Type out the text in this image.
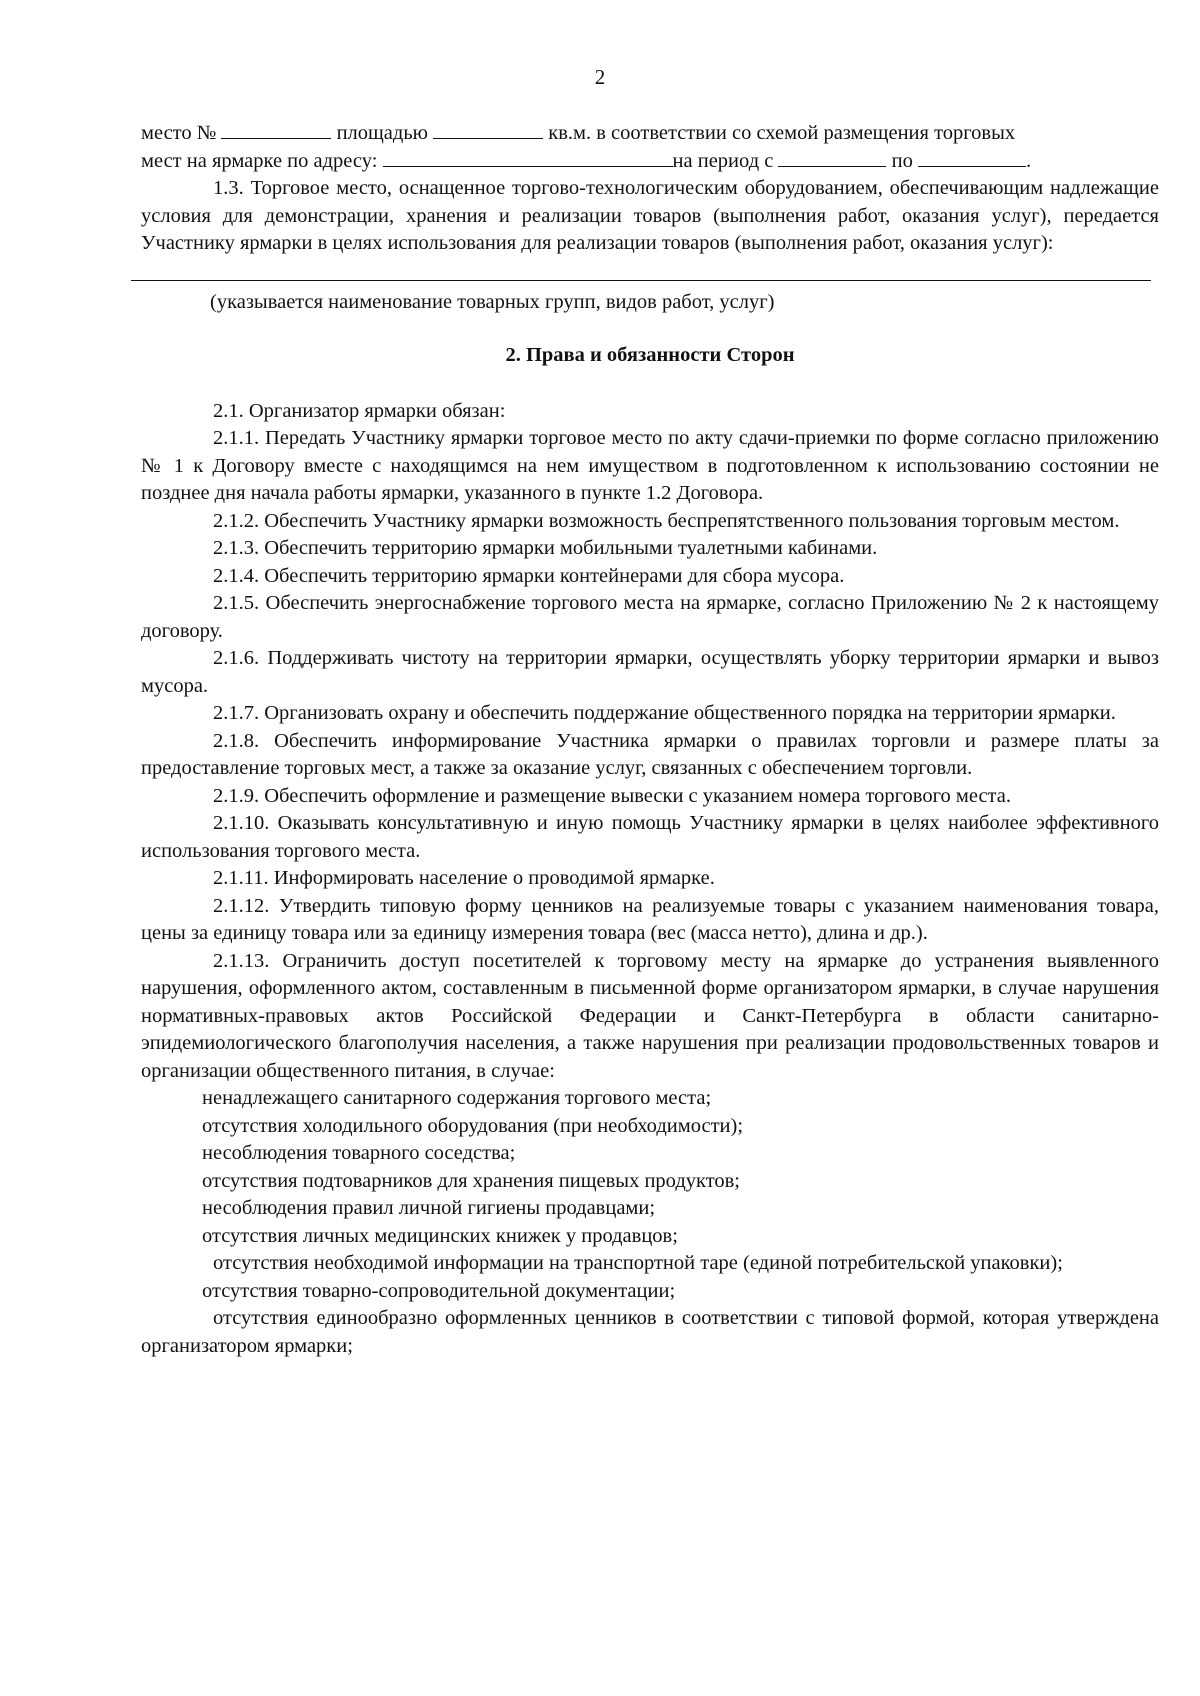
2
место №	площадью	кв.м. в соответствии со схемой размещения торговых
мест на ярмарке по адресу:	на период с	по	.

1.3. Торговое место, оснащенное торгово-технологическим оборудованием, обеспечивающим надлежащие условия для демонстрации, хранения и реализации товаров (выполнения работ, оказания услуг), передается Участнику ярмарки в целях использования для реализации товаров (выполнения работ, оказания услуг):

(указывается наименование товарных групп, видов работ, услуг)

2. Права и обязанности Сторон

2.1. Организатор ярмарки обязан:

2.1.1. Передать Участнику ярмарки торговое место по акту сдачи-приемки по форме согласно приложению № 1 к Договору вместе с находящимся на нем имуществом в подготовленном к использованию состоянии не позднее дня начала работы ярмарки, указанного в пункте 1.2 Договора.

2.1.2. Обеспечить Участнику ярмарки возможность беспрепятственного пользования торговым местом.

2.1.3. Обеспечить территорию ярмарки мобильными туалетными кабинами.

2.1.4. Обеспечить территорию ярмарки контейнерами для сбора мусора.

2.1.5. Обеспечить энергоснабжение торгового места на ярмарке, согласно Приложению № 2 к настоящему договору.

2.1.6. Поддерживать чистоту на территории ярмарки, осуществлять уборку территории ярмарки и вывоз мусора.

2.1.7. Организовать охрану и обеспечить поддержание общественного порядка на территории ярмарки.

2.1.8. Обеспечить информирование Участника ярмарки о правилах торговли и размере платы за предоставление торговых мест, а также за оказание услуг, связанных с обеспечением торговли.

2.1.9. Обеспечить оформление и размещение вывески с указанием номера торгового места.

2.1.10. Оказывать консультативную и иную помощь Участнику ярмарки в целях наиболее эффективного использования торгового места.

2.1.11. Информировать население о проводимой ярмарке.

2.1.12. Утвердить типовую форму ценников на реализуемые товары с указанием наименования товара, цены за единицу товара или за единицу измерения товара (вес (масса нетто), длина и др.).

2.1.13. Ограничить доступ посетителей к торговому месту на ярмарке до устранения выявленного нарушения, оформленного актом, составленным в письменной форме организатором ярмарки, в случае нарушения нормативных-правовых актов Российской Федерации и Санкт-Петербурга в области санитарно-эпидемиологического благополучия населения, а также нарушения при реализации продовольственных товаров и организации общественного питания, в случае:

ненадлежащего санитарного содержания торгового места;

отсутствия холодильного оборудования (при необходимости);

несоблюдения товарного соседства;

отсутствия подтоварников для хранения пищевых продуктов;

несоблюдения правил личной гигиены продавцами;

отсутствия личных медицинских книжек у продавцов;

отсутствия необходимой информации на транспортной таре (единой потребительской упаковки);

отсутствия товарно-сопроводительной документации;

отсутствия единообразно оформленных ценников в соответствии с типовой формой, которая утверждена организатором ярмарки;
